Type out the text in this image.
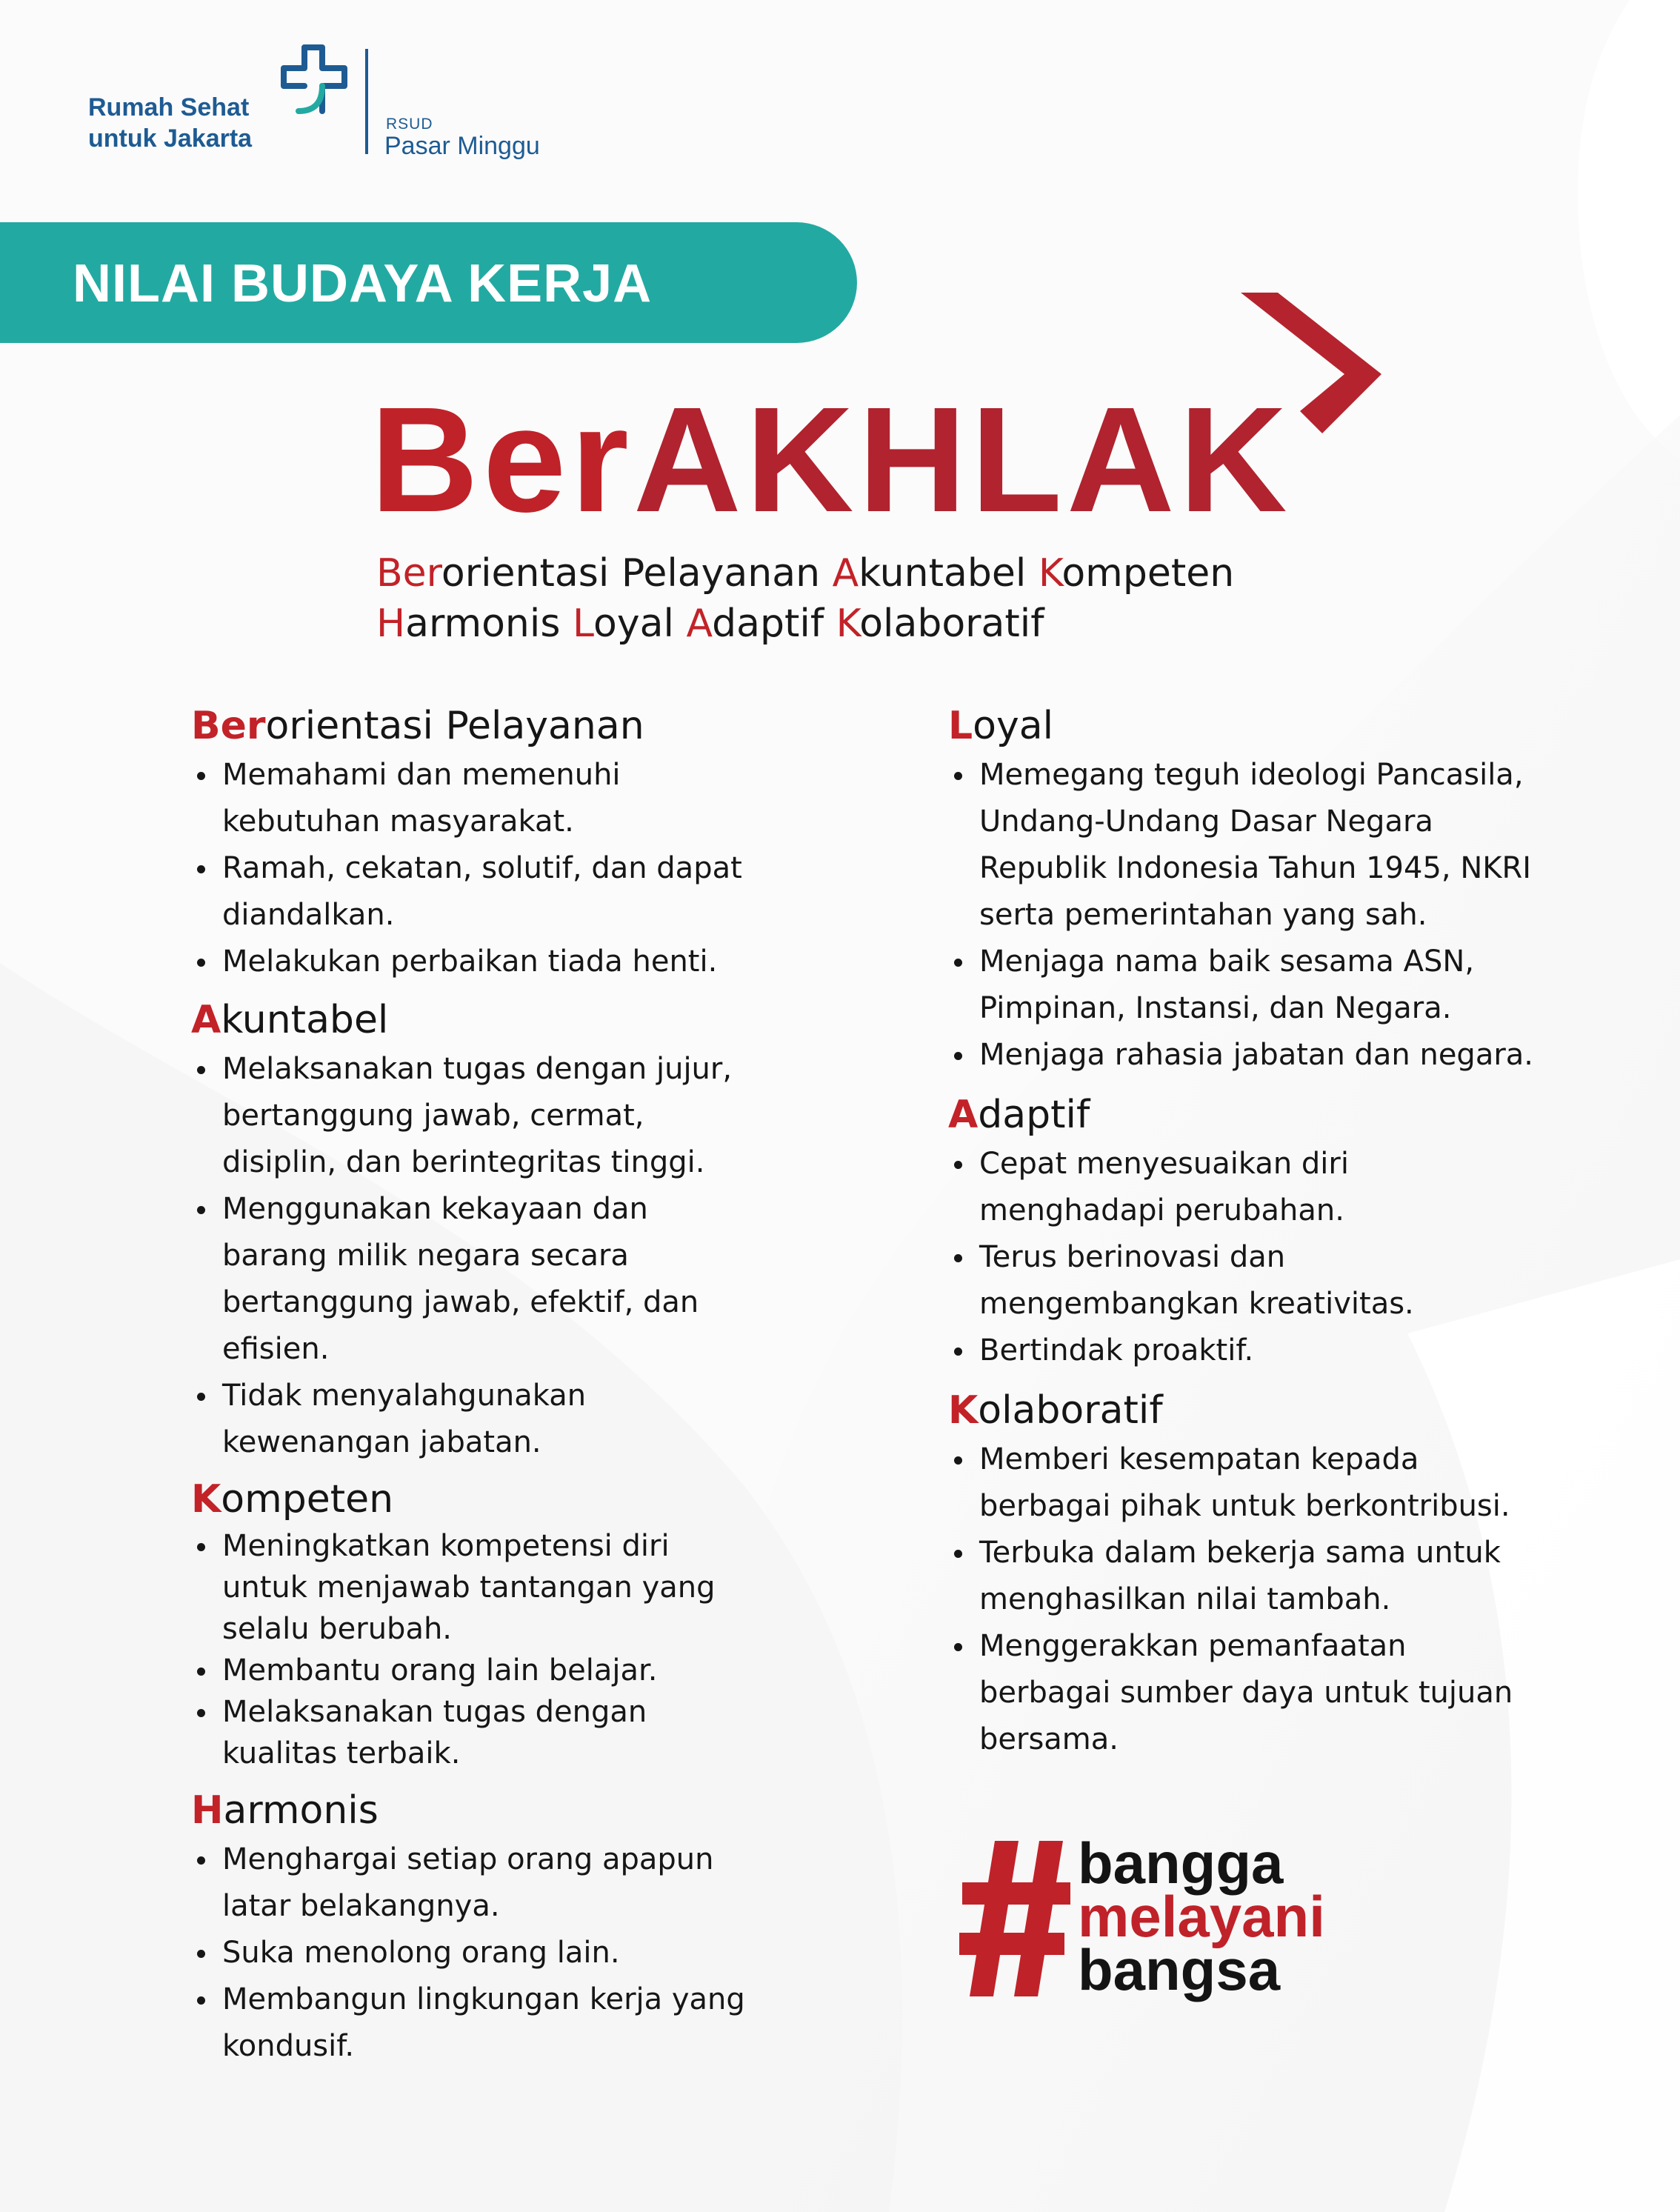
Rumah Sehat
untuk Jakarta
RSUD
Pasar Minggu
NILAI BUDAYA KERJA
BerAKHLAK
Berorientasi Pelayanan Akuntabel Kompeten
Harmonis Loyal Adaptif Kolaboratif
Berorientasi Pelayanan
Memahami dan memenuhi kebutuhan masyarakat.
Ramah, cekatan, solutif, dan dapat diandalkan.
Melakukan perbaikan tiada henti.
Akuntabel
Melaksanakan tugas dengan jujur, bertanggung jawab, cermat, disiplin, dan berintegritas tinggi.
Menggunakan kekayaan dan barang milik negara secara bertanggung jawab, efektif, dan efisien.
Tidak menyalahgunakan kewenangan jabatan.
Kompeten
Meningkatkan kompetensi diri untuk menjawab tantangan yang selalu berubah.
Membantu orang lain belajar.
Melaksanakan tugas dengan kualitas terbaik.
Harmonis
Menghargai setiap orang apapun latar belakangnya.
Suka menolong orang lain.
Membangun lingkungan kerja yang kondusif.
Loyal
Memegang teguh ideologi Pancasila, Undang-Undang Dasar Negara Republik Indonesia Tahun 1945, NKRI serta pemerintahan yang sah.
Menjaga nama baik sesama ASN, Pimpinan, Instansi, dan Negara.
Menjaga rahasia jabatan dan negara.
Adaptif
Cepat menyesuaikan diri menghadapi perubahan.
Terus berinovasi dan mengembangkan kreativitas.
Bertindak proaktif.
Kolaboratif
Memberi kesempatan kepada berbagai pihak untuk berkontribusi.
Terbuka dalam bekerja sama untuk menghasilkan nilai tambah.
Menggerakkan pemanfaatan berbagai sumber daya untuk tujuan bersama.
bangga
melayani
bangsa
